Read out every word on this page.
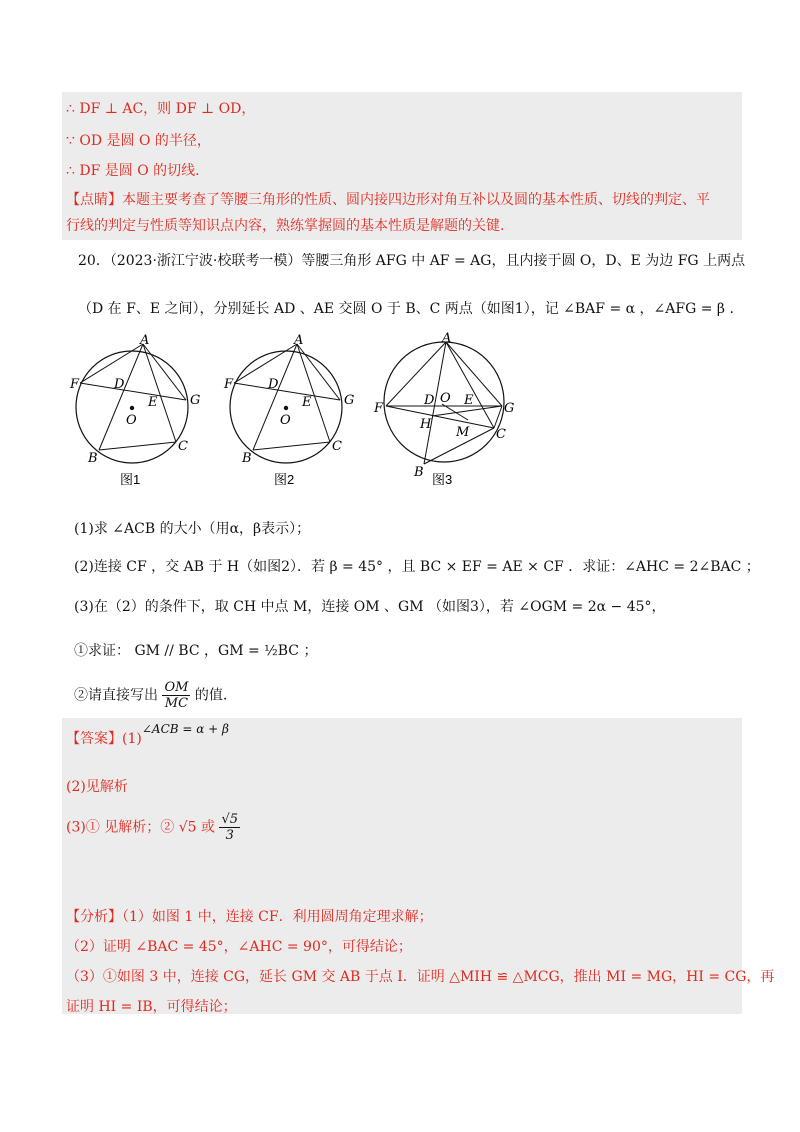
∴ DF ⊥ AC，则 DF ⊥ OD，
∵ OD 是圆 O 的半径，
∴ DF 是圆 O 的切线.
【点睛】本题主要考查了等腰三角形的性质、圆内接四边形对角互补以及圆的基本性质、切线的判定、平
行线的判定与性质等知识点内容，熟练掌握圆的基本性质是解题的关键.
20．（2023·浙江宁波·校联考一模）等腰三角形 AFG 中 AF = AG，且内接于圆 O，D、E 为边 FG 上两点
（D 在 F、E 之间），分别延长 AD 、AE 交圆 O 于 B、C 两点（如图1），记 ∠BAF = α ，∠AFG = β .
A
F
G
D
E
O
B
C
图1
A
F
G
D
E
O
B
C
图2
A
F	G
D O E
H
M C
B 图3
(1)求 ∠ACB 的大小（用α，β表示）；
(2)连接 CF ，交 AB 于 H（如图2）．若 β = 45° ，且 BC × EF = AE × CF ．求证：∠AHC = 2∠BAC ；
(3)在（2）的条件下，取 CH 中点 M，连接 OM 、GM （如图3），若 ∠OGM = 2α − 45°，
①求证： GM // BC ，GM = ½BC ；
②请直接写出 $\frac{OM}{MC}$ 的值.
【答案】(1)∠ACB = α + β
(2)见解析
(3)① 见解析；② √5 或 $\frac{√5}{3}$
【分析】（1）如图 1 中，连接 CF．利用圆周角定理求解；
（2）证明 ∠BAC = 45°，∠AHC = 90°，可得结论；
（3）①如图 3 中，连接 CG，延长 GM 交 AB 于点 I．证明 △MIH ≌ △MCG，推出 MI = MG，HI = CG，再
证明 HI = IB，可得结论；
